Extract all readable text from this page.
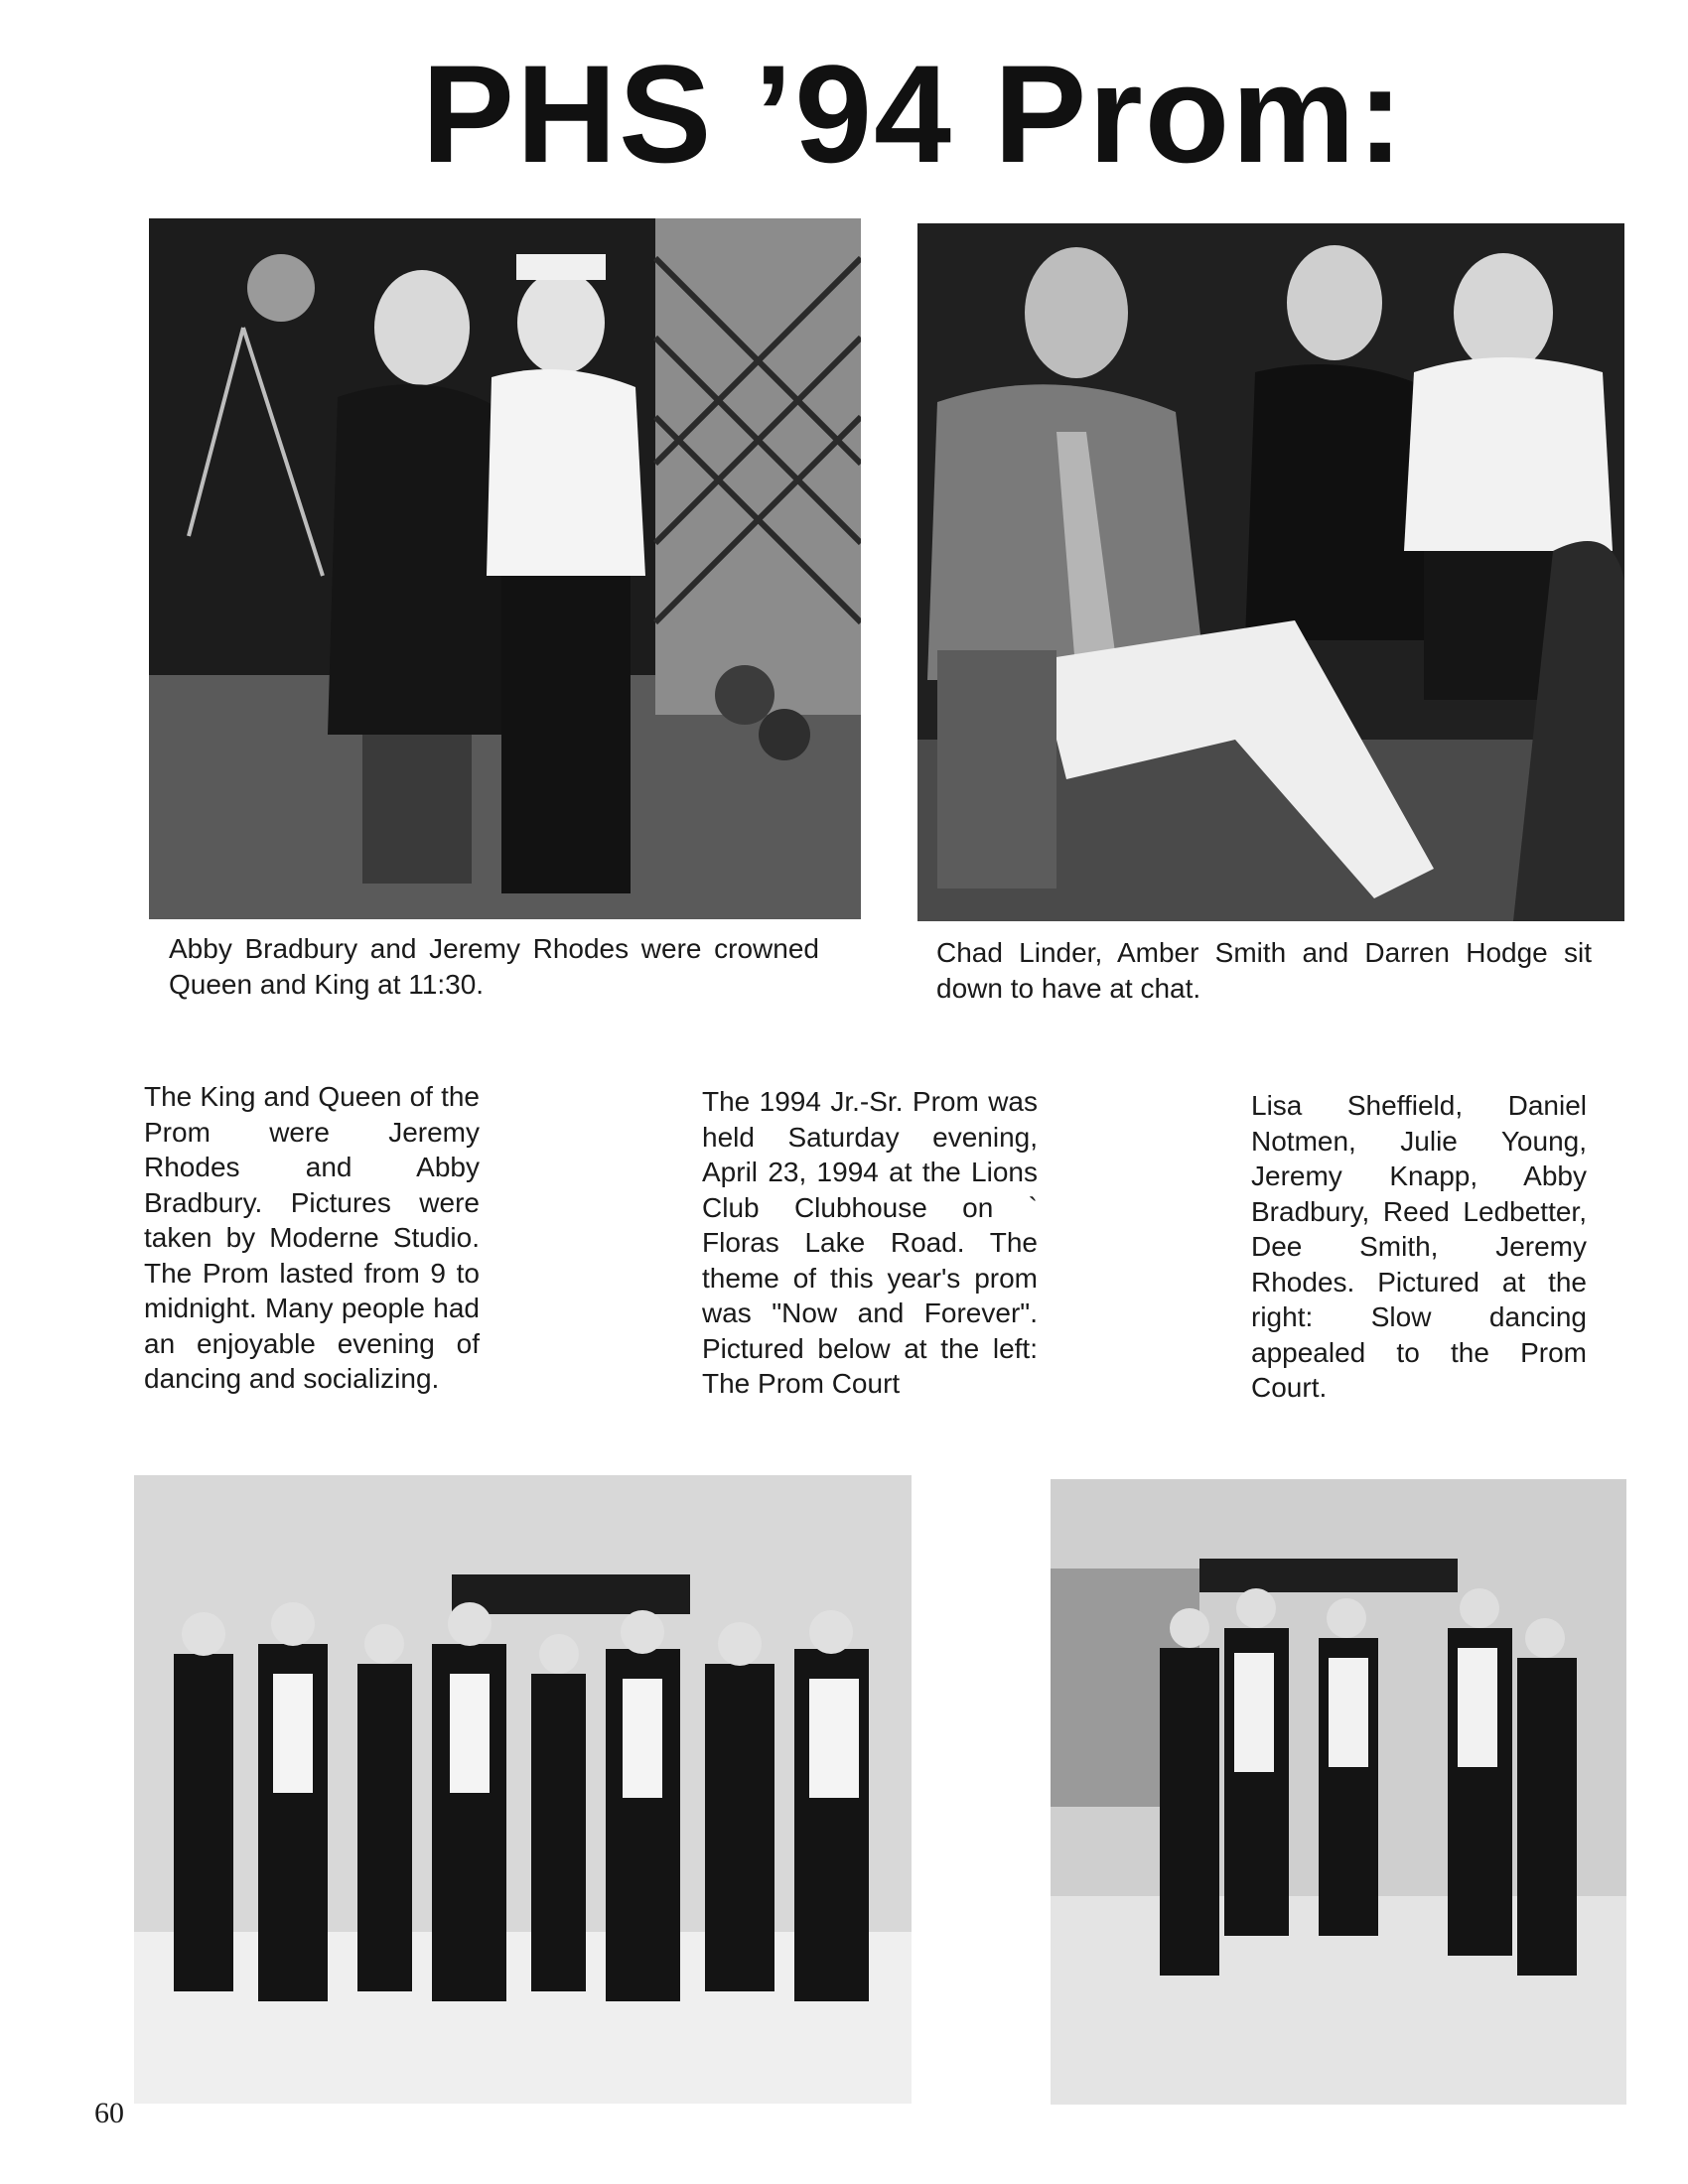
PHS ’94 Prom:

Abby Bradbury and Jeremy Rhodes were crowned Queen and King at 11:30.

Chad Linder, Amber Smith and Darren Hodge sit down to have at chat.

The King and Queen of the Prom were Jeremy Rhodes and Abby Bradbury. Pictures were taken by Moderne Studio. The Prom lasted from 9 to midnight. Many people had an enjoyable evening of dancing and socializing.

The 1994 Jr.-Sr. Prom was held Saturday evening, April 23, 1994 at the Lions Club Clubhouse on ` Floras Lake Road. The theme of this year's prom was "Now and Forever". Pictured below at the left: The Prom Court

Lisa Sheffield, Daniel Notmen, Julie Young, Jeremy Knapp, Abby Bradbury, Reed Ledbetter, Dee Smith, Jeremy Rhodes. Pictured at the right: Slow dancing appealed to the Prom Court.

60
